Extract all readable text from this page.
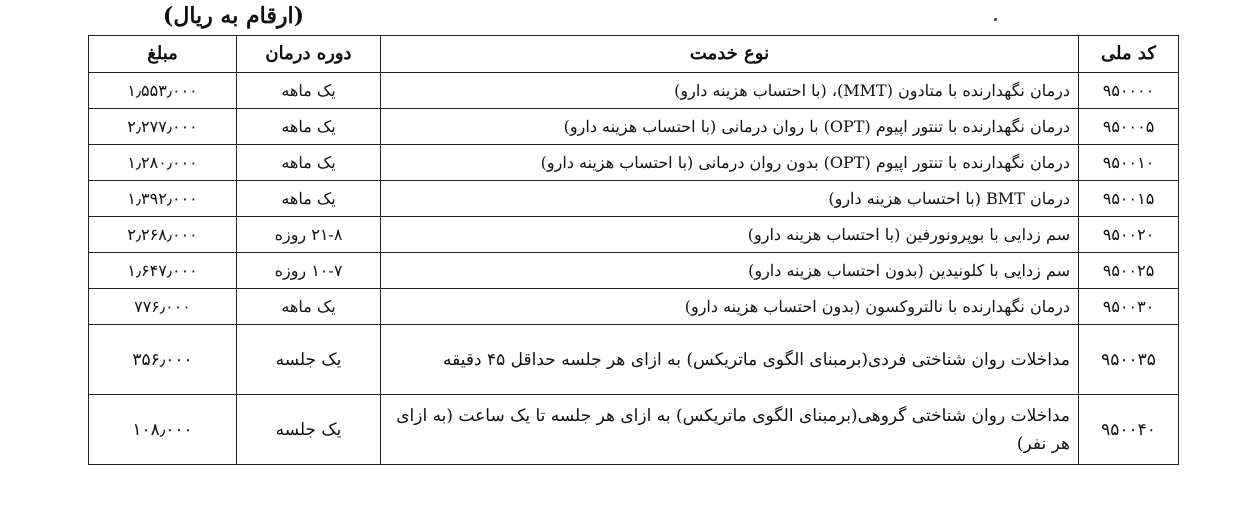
(ارقام به ریال)
کد ملی	نوع خدمت	دوره درمان	مبلغ
۹۵۰۰۰۰	درمان نگهدارنده با متادون (MMT)، (با احتساب هزینه دارو)	یک ماهه	۱٫۵۵۳٫۰۰۰
۹۵۰۰۰۵	درمان نگهدارنده با تنتور اپیوم (OPT) با روان درمانی (با احتساب هزینه دارو)	یک ماهه	۲٫۲۷۷٫۰۰۰
۹۵۰۰۱۰	درمان نگهدارنده با تنتور اپیوم (OPT) بدون روان درمانی (با احتساب هزینه دارو)	یک ماهه	۱٫۲۸۰٫۰۰۰
۹۵۰۰۱۵	درمان BMT (با احتساب هزینه دارو)	یک ماهه	۱٫۳۹۲٫۰۰۰
۹۵۰۰۲۰	سم زدایی با بوپرونورفین (با احتساب هزینه دارو)	۲۱-۸ روزه	۲٫۲۶۸٫۰۰۰
۹۵۰۰۲۵	سم زدایی با کلونیدین (بدون احتساب هزینه دارو)	۱۰-۷ روزه	۱٫۶۴۷٫۰۰۰
۹۵۰۰۳۰	درمان نگهدارنده با نالتروکسون (بدون احتساب هزینه دارو)	یک ماهه	۷۷۶٫۰۰۰
۹۵۰۰۳۵	مداخلات روان شناختی فردی(برمبنای الگوی ماتریکس) به ازای هر جلسه حداقل ۴۵ دقیقه	یک جلسه	۳۵۶٫۰۰۰
۹۵۰۰۴۰	مداخلات روان شناختی گروهی(برمبنای الگوی ماتریکس) به ازای هر جلسه تا یک ساعت (به ازای هر نفر)	یک جلسه	۱۰۸٫۰۰۰
